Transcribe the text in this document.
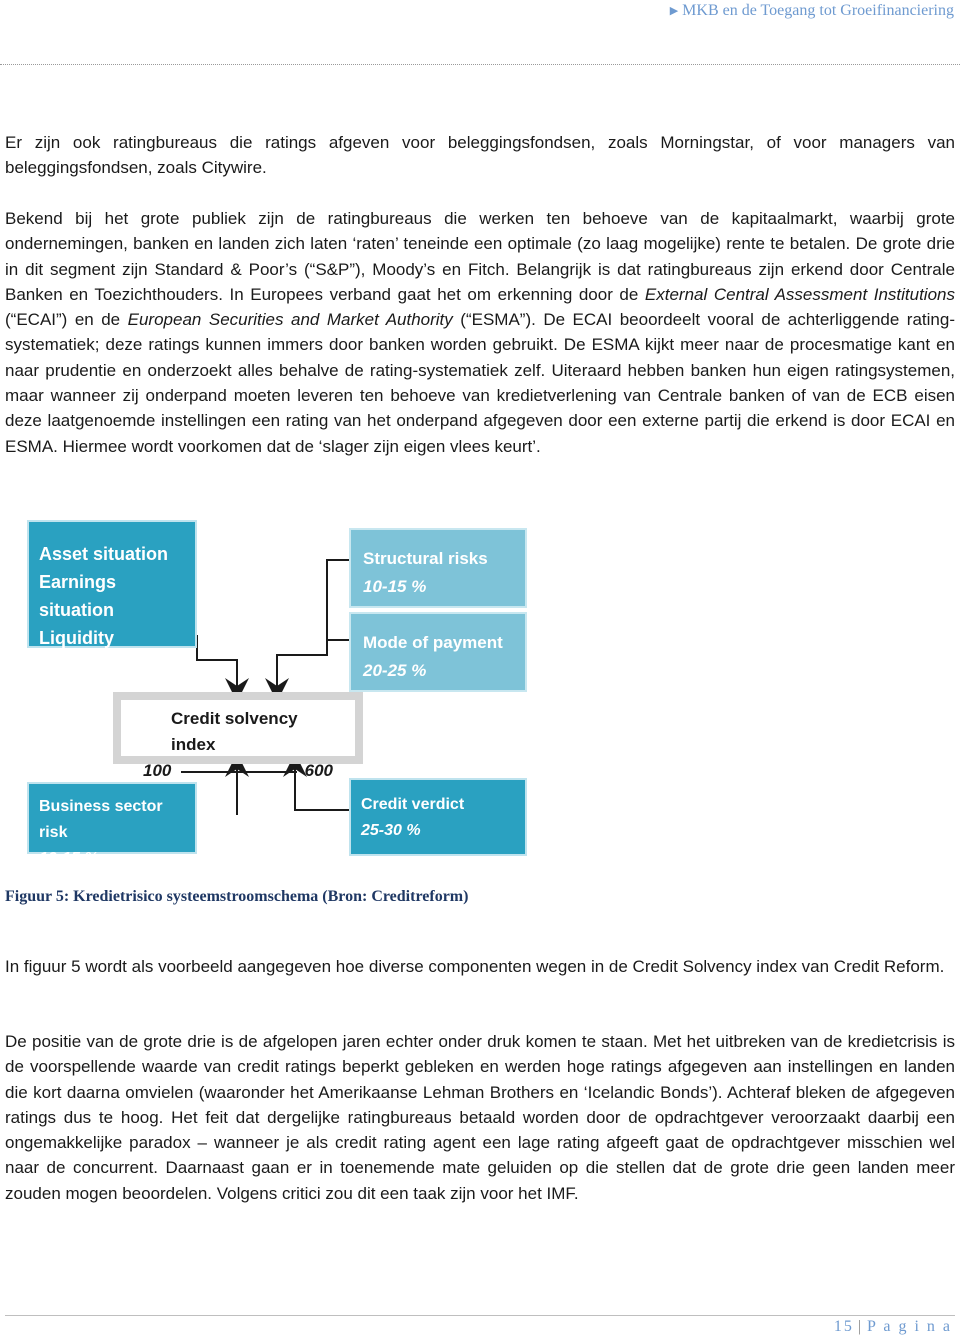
▶ MKB en de Toegang tot Groeifinanciering

Er zijn ook ratingbureaus die ratings afgeven voor beleggingsfondsen, zoals Morningstar, of voor managers van beleggingsfondsen, zoals Citywire.

Bekend bij het grote publiek zijn de ratingbureaus die werken ten behoeve van de kapitaalmarkt, waarbij grote ondernemingen, banken en landen zich laten ‘raten’ teneinde een optimale (zo laag mogelijke) rente te betalen. De grote drie in dit segment zijn Standard & Poor’s (“S&P”), Moody’s en Fitch. Belangrijk is dat ratingbureaus zijn erkend door Centrale Banken en Toezichthouders. In Europees verband gaat het om erkenning door de External Central Assessment Institutions (“ECAI”) en de European Securities and Market Authority (“ESMA”). De ECAI beoordeelt vooral de achterliggende rating-systematiek; deze ratings kunnen immers door banken worden gebruikt. De ESMA kijkt meer naar de procesmatige kant en naar prudentie en onderzoekt alles behalve de rating-systematiek zelf. Uiteraard hebben banken hun eigen ratingsystemen, maar wanneer zij onderpand moeten leveren ten behoeve van kredietverlening van Centrale banken of van de ECB eisen deze laatgenoemde instellingen een rating van het onderpand afgegeven door een externe partij die erkend is door ECAI en ESMA. Hiermee wordt voorkomen dat de ‘slager zijn eigen vlees keurt’.

Asset situation
Earnings situation
Liquidity
ap. 25 %
Structural risks
10-15 %
Mode of payment
20-25 %
Credit solvency index
100	600
Business sector risk
10-15 %
Credit verdict
25-30 %
Figuur 5: Kredietrisico systeemstroomschema (Bron: Creditreform)

In figuur 5 wordt als voorbeeld aangegeven hoe diverse componenten wegen in de Credit Solvency index van Credit Reform.

De positie van de grote drie is de afgelopen jaren echter onder druk komen te staan. Met het uitbreken van de kredietcrisis is de voorspellende waarde van credit ratings beperkt gebleken en werden hoge ratings afgegeven aan instellingen en landen die kort daarna omvielen (waaronder het Amerikaanse Lehman Brothers en ‘Icelandic Bonds’). Achteraf bleken de afgegeven ratings dus te hoog. Het feit dat dergelijke ratingbureaus betaald worden door de opdrachtgever veroorzaakt daarbij een ongemakkelijke paradox – wanneer je als credit rating agent een lage rating afgeeft gaat de opdrachtgever misschien wel naar de concurrent. Daarnaast gaan er in toenemende mate geluiden op die stellen dat de grote drie geen landen meer zouden mogen beoordelen. Volgens critici zou dit een taak zijn voor het IMF.

15 | P a g i n a
